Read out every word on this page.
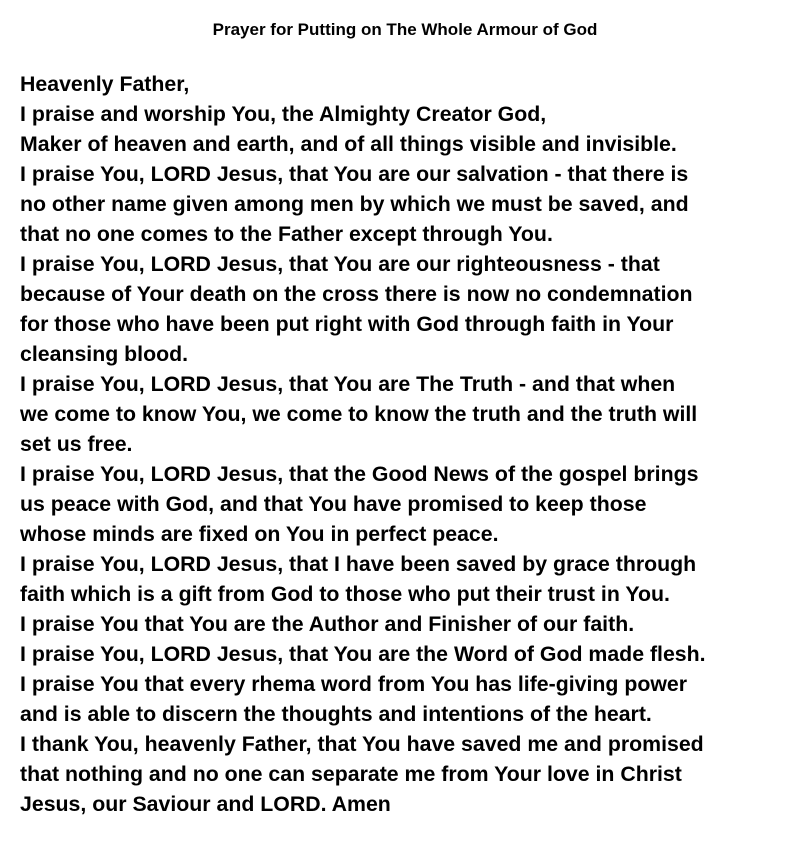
Prayer for Putting on The Whole Armour of God
Heavenly Father,
I praise and worship You, the Almighty Creator God,
Maker of heaven and earth, and of all things visible and invisible.
I praise You, LORD Jesus, that You are our salvation - that there is
no other name given among men by which we must be saved, and
that no one comes to the Father except through You.
I praise You, LORD Jesus, that You are our righteousness - that
because of Your death on the cross there is now no condemnation
for those who have been put right with God through faith in Your
cleansing blood.
I praise You, LORD Jesus, that You are The Truth - and that when
we come to know You, we come to know the truth and the truth will
set us free.
I praise You, LORD Jesus, that the Good News of the gospel brings
us peace with God, and that You have promised to keep those
whose minds are fixed on You in perfect peace.
I praise You, LORD Jesus, that I have been saved by grace through
faith which is a gift from God to those who put their trust in You.
I praise You that You are the Author and Finisher of our faith.
I praise You, LORD Jesus, that You are the Word of God made flesh.
I praise You that every rhema word from You has life-giving power
and is able to discern the thoughts and intentions of the heart.
I thank You, heavenly Father, that You have saved me and promised
that nothing and no one can separate me from Your love in Christ
Jesus, our Saviour and LORD. Amen
